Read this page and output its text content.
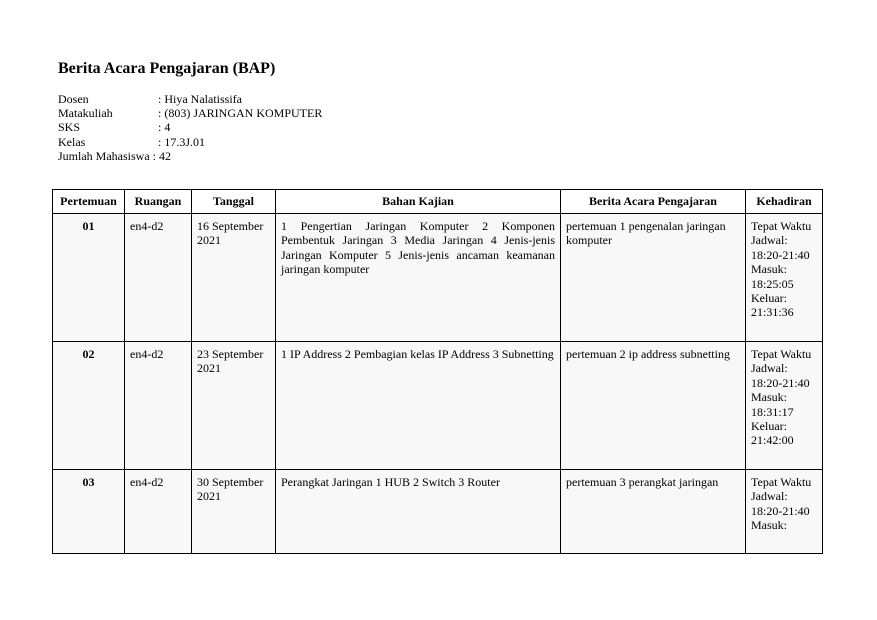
Berita Acara Pengajaran (BAP)
Dosen	: Hiya Nalatissifa
Matakuliah	: (803) JARINGAN KOMPUTER
SKS	: 4
Kelas	: 17.3J.01
Jumlah Mahasiswa : 42
Pertemuan	Ruangan	Tanggal	Bahan Kajian	Berita Acara Pengajaran	Kehadiran
01	en4-d2	16 September 2021	1 Pengertian Jaringan Komputer 2 Komponen Pembentuk Jaringan 3 Media Jaringan 4 Jenis-jenis Jaringan Komputer 5 Jenis-jenis ancaman keamanan jaringan komputer	pertemuan 1 pengenalan jaringan komputer	Tepat Waktu
Jadwal: 18:20-21:40
Masuk: 18:25:05
Keluar: 21:31:36

02	en4-d2	23 September 2021	1 IP Address 2 Pembagian kelas IP Address 3 Subnetting	pertemuan 2 ip address subnetting	Tepat Waktu
Jadwal: 18:20-21:40
Masuk: 18:31:17
Keluar: 21:42:00

03	en4-d2	30 September 2021	Perangkat Jaringan 1 HUB 2 Switch 3 Router	pertemuan 3 perangkat jaringan	Tepat Waktu
Jadwal: 18:20-21:40
Masuk:
